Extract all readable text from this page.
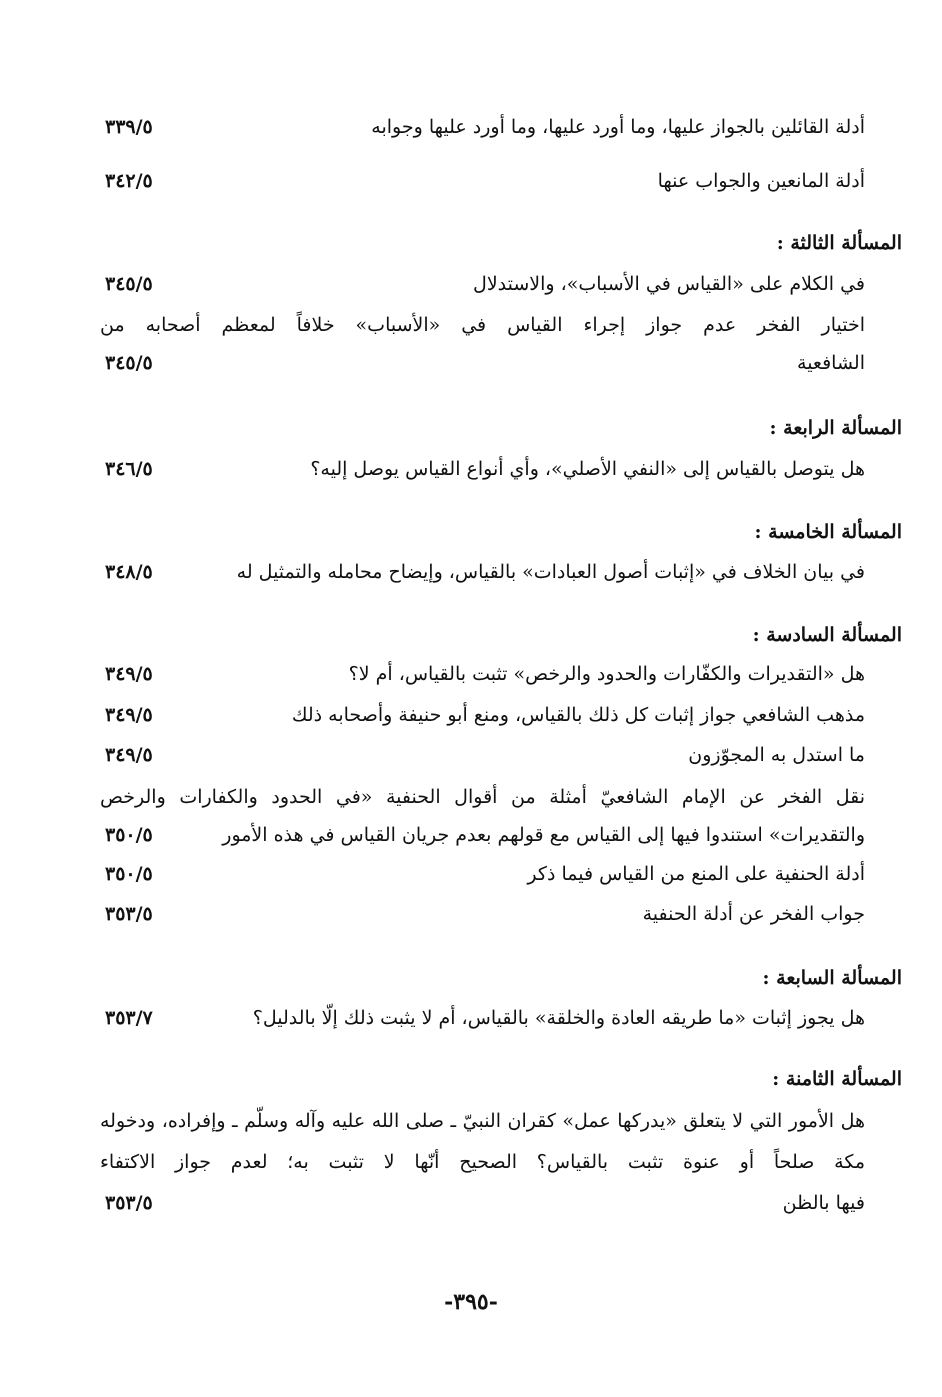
أدلة القائلين بالجواز عليها، وما أورد عليها، وما أورد عليها وجوابه
٣٣٩/٥
أدلة المانعين والجواب عنها
٣٤٢/٥
المسألة الثالثة :
في الكلام على «القياس في الأسباب»، والاستدلال
٣٤٥/٥
اختيار الفخر عدم جواز إجراء القياس في «الأسباب» خلافاً لمعظم أصحابه من
الشافعية
٣٤٥/٥
المسألة الرابعة :
هل يتوصل بالقياس إلى «النفي الأصلي»، وأي أنواع القياس يوصل إليه؟
٣٤٦/٥
المسألة الخامسة :
في بيان الخلاف في «إثبات أصول العبادات» بالقياس، وإيضاح محامله والتمثيل له
٣٤٨/٥
المسألة السادسة :
هل «التقديرات والكفّارات والحدود والرخص» تثبت بالقياس، أم لا؟
٣٤٩/٥
مذهب الشافعي جواز إثبات كل ذلك بالقياس، ومنع أبو حنيفة وأصحابه ذلك
٣٤٩/٥
ما استدل به المجوّزون
٣٤٩/٥
نقل الفخر عن الإمام الشافعيّ أمثلة من أقوال الحنفية «في الحدود والكفارات والرخص
والتقديرات» استندوا فيها إلى القياس مع قولهم بعدم جريان القياس في هذه الأمور
٣٥٠/٥
أدلة الحنفية على المنع من القياس فيما ذكر
٣٥٠/٥
جواب الفخر عن أدلة الحنفية
٣٥٣/٥
المسألة السابعة :
هل يجوز إثبات «ما طريقه العادة والخلقة» بالقياس، أم لا يثبت ذلك إلّا بالدليل؟
٣٥٣/٧
المسألة الثامنة :
هل الأمور التي لا يتعلق «يدركها عمل» كقران النبيّ ـ صلى الله عليه وآله وسلّم ـ وإفراده، ودخوله
مكة صلحاً أو عنوة تثبت بالقياس؟ الصحيح أنّها لا تثبت به؛ لعدم جواز الاكتفاء
فيها بالظن
٣٥٣/٥
-٣٩٥-
